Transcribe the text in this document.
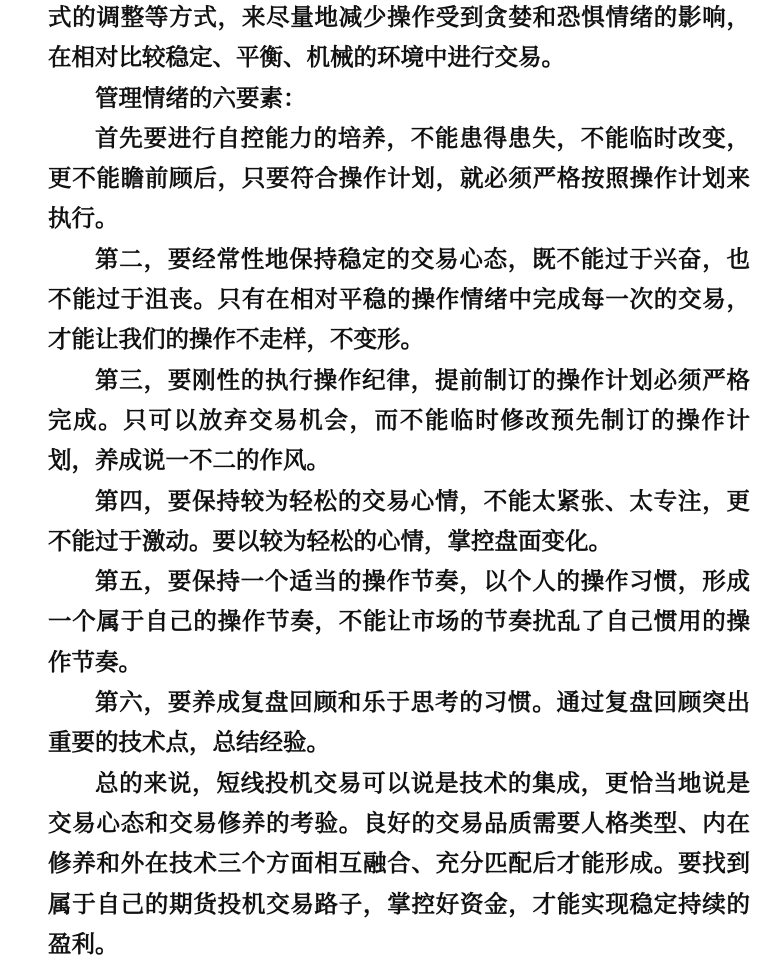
式的调整等方式，来尽量地减少操作受到贪婪和恐惧情绪的影响，在相对比较稳定、平衡、机械的环境中进行交易。

管理情绪的六要素：

首先要进行自控能力的培养，不能患得患失，不能临时改变，更不能瞻前顾后，只要符合操作计划，就必须严格按照操作计划来执行。

第二，要经常性地保持稳定的交易心态，既不能过于兴奋，也不能过于沮丧。只有在相对平稳的操作情绪中完成每一次的交易，才能让我们的操作不走样，不变形。

第三，要刚性的执行操作纪律，提前制订的操作计划必须严格完成。只可以放弃交易机会，而不能临时修改预先制订的操作计划，养成说一不二的作风。

第四，要保持较为轻松的交易心情，不能太紧张、太专注，更不能过于激动。要以较为轻松的心情，掌控盘面变化。

第五，要保持一个适当的操作节奏，以个人的操作习惯，形成一个属于自己的操作节奏，不能让市场的节奏扰乱了自己惯用的操作节奏。

第六，要养成复盘回顾和乐于思考的习惯。通过复盘回顾突出重要的技术点，总结经验。

总的来说，短线投机交易可以说是技术的集成，更恰当地说是交易心态和交易修养的考验。良好的交易品质需要人格类型、内在修养和外在技术三个方面相互融合、充分匹配后才能形成。要找到属于自己的期货投机交易路子，掌控好资金，才能实现稳定持续的盈利。
